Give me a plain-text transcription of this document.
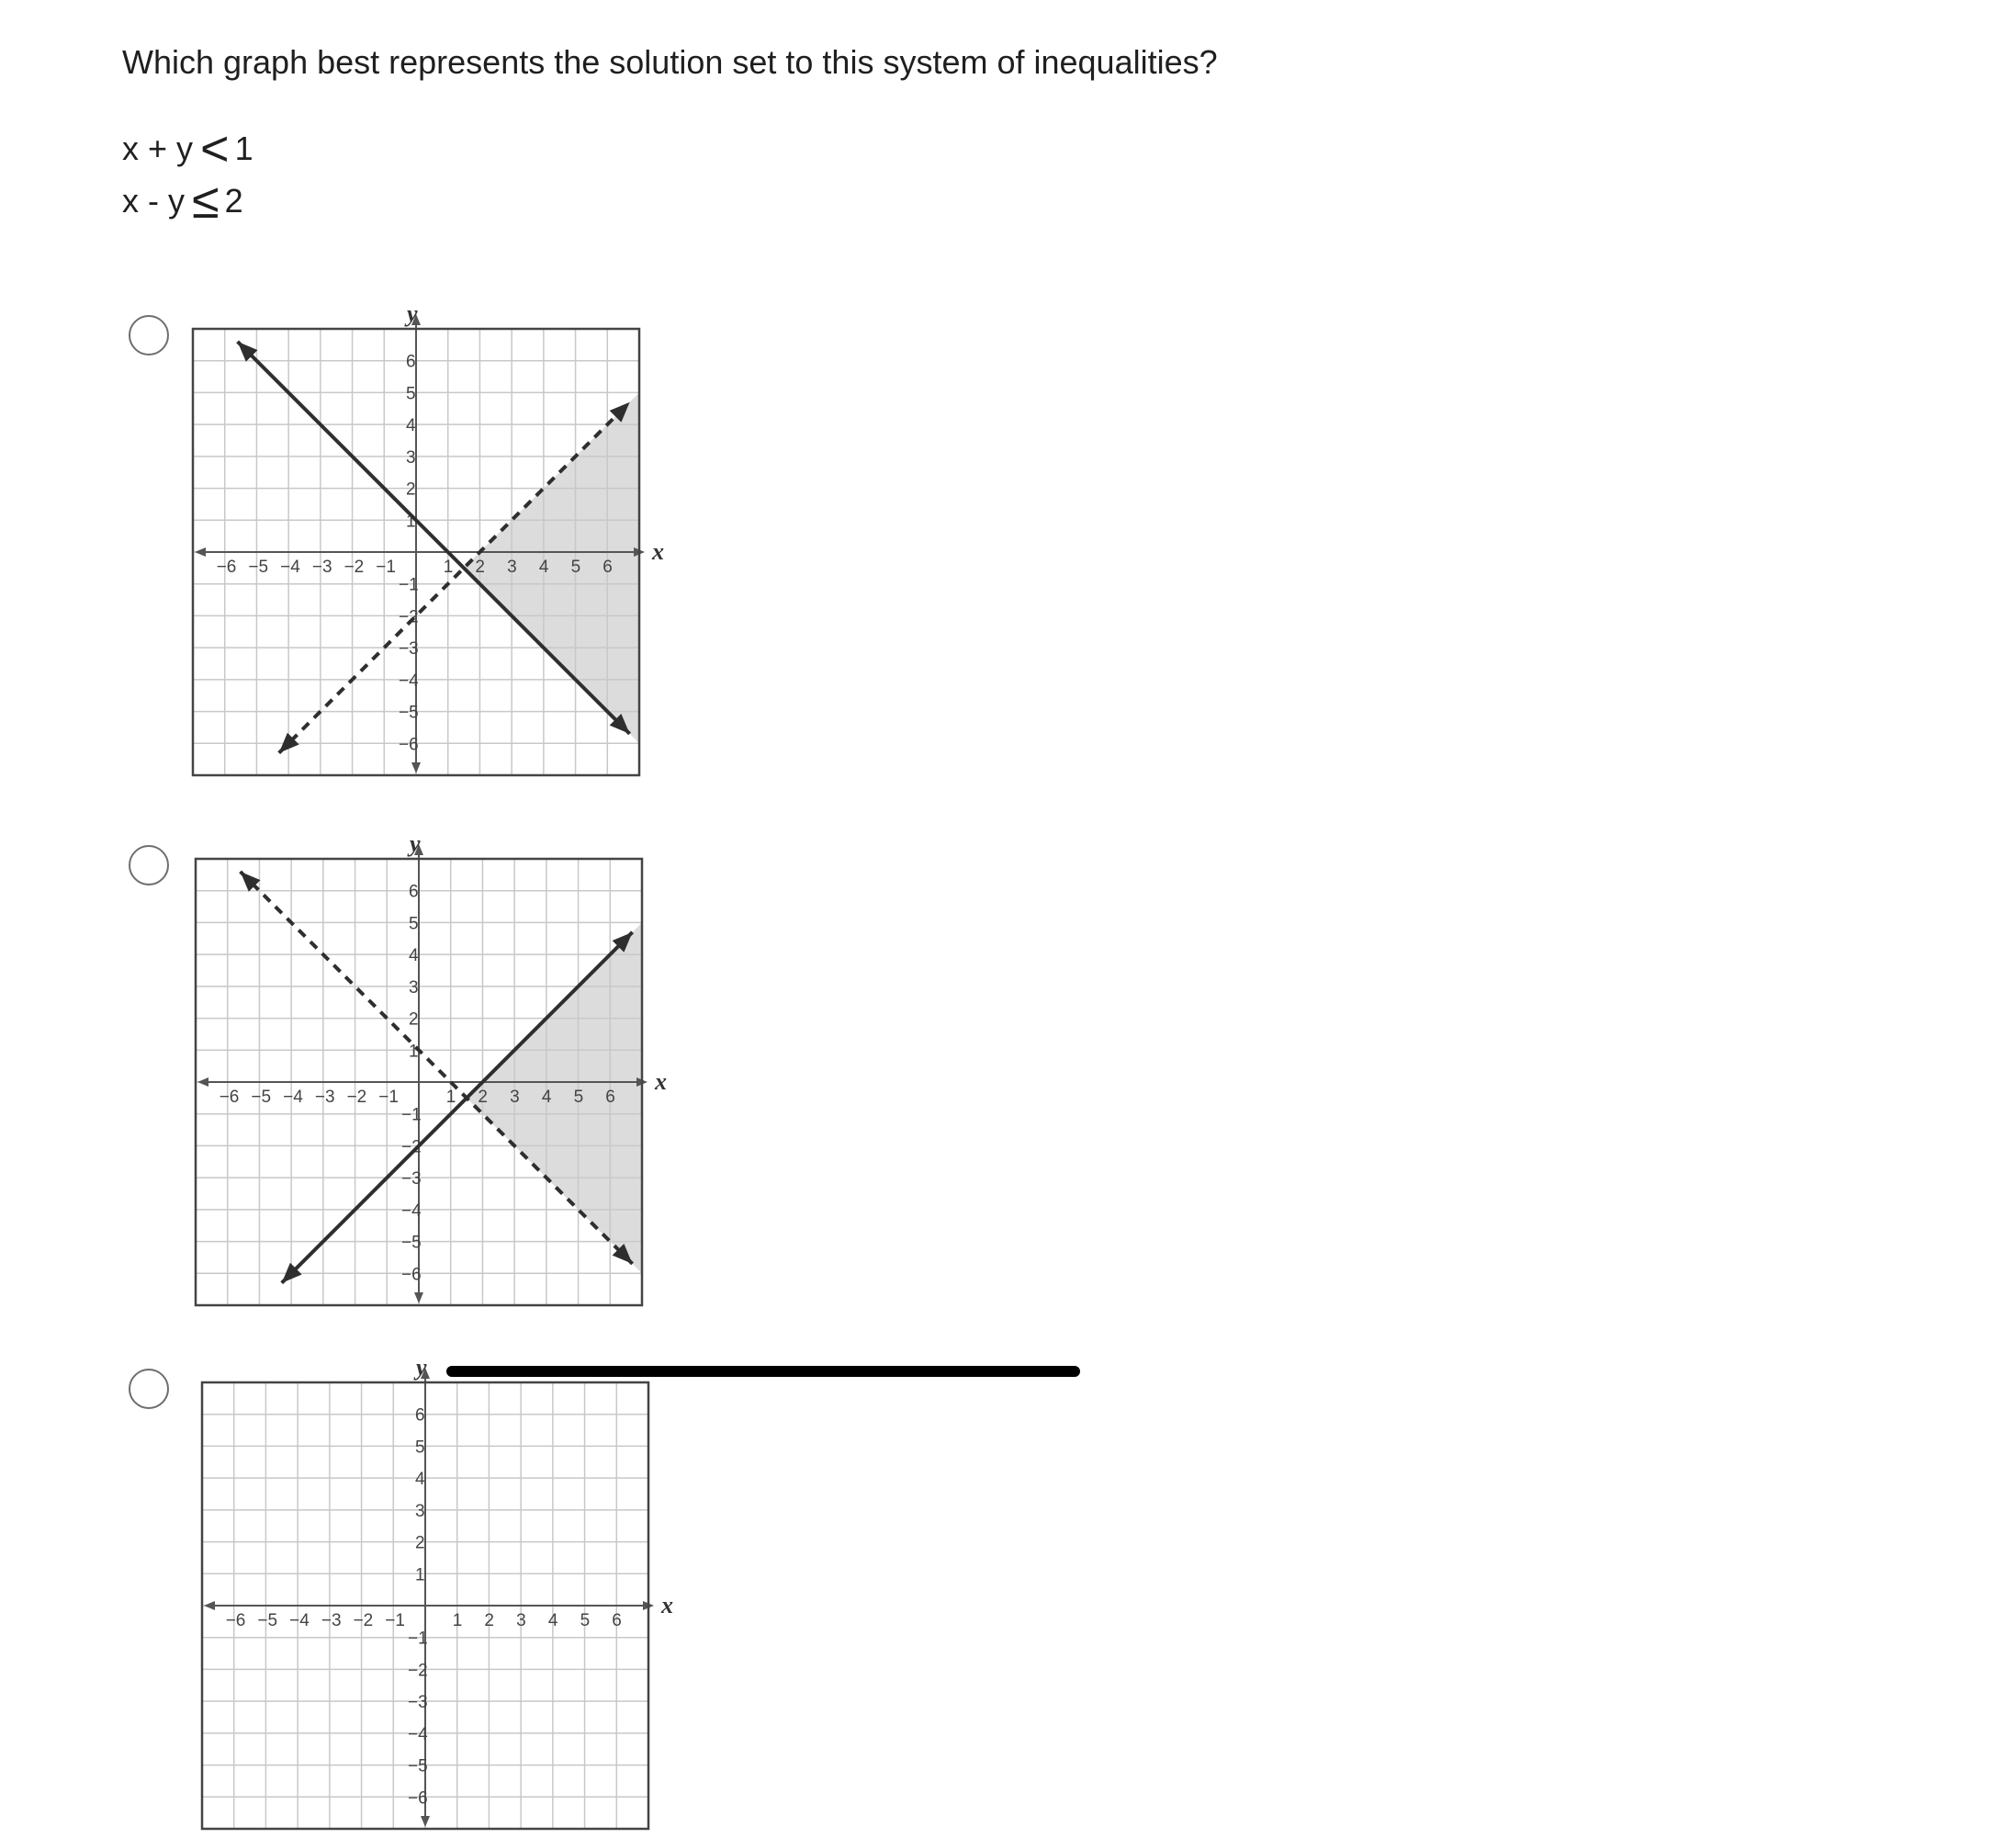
Which graph best represents the solution set to this system of inequalities?
x + y < 1
x - y ≤ 2
x
y
−6 −5 −4 −3 −2 −1	1 2 3 4 5 6
6
5
4
3
2
1
−1
−2
−3
−4
−5
−6
x
y
−6 −5 −4 −3 −2 −1	1 2 3 4 5 6
6
5
4
3
2
1
−1
−2
−3
−4
−5
−6
x
y
−6 −5 −4 −3 −2 −1	1 2 3 4 5 6
6
5
4
3
2
1
−1
−2
−3
−4
−5
−6
